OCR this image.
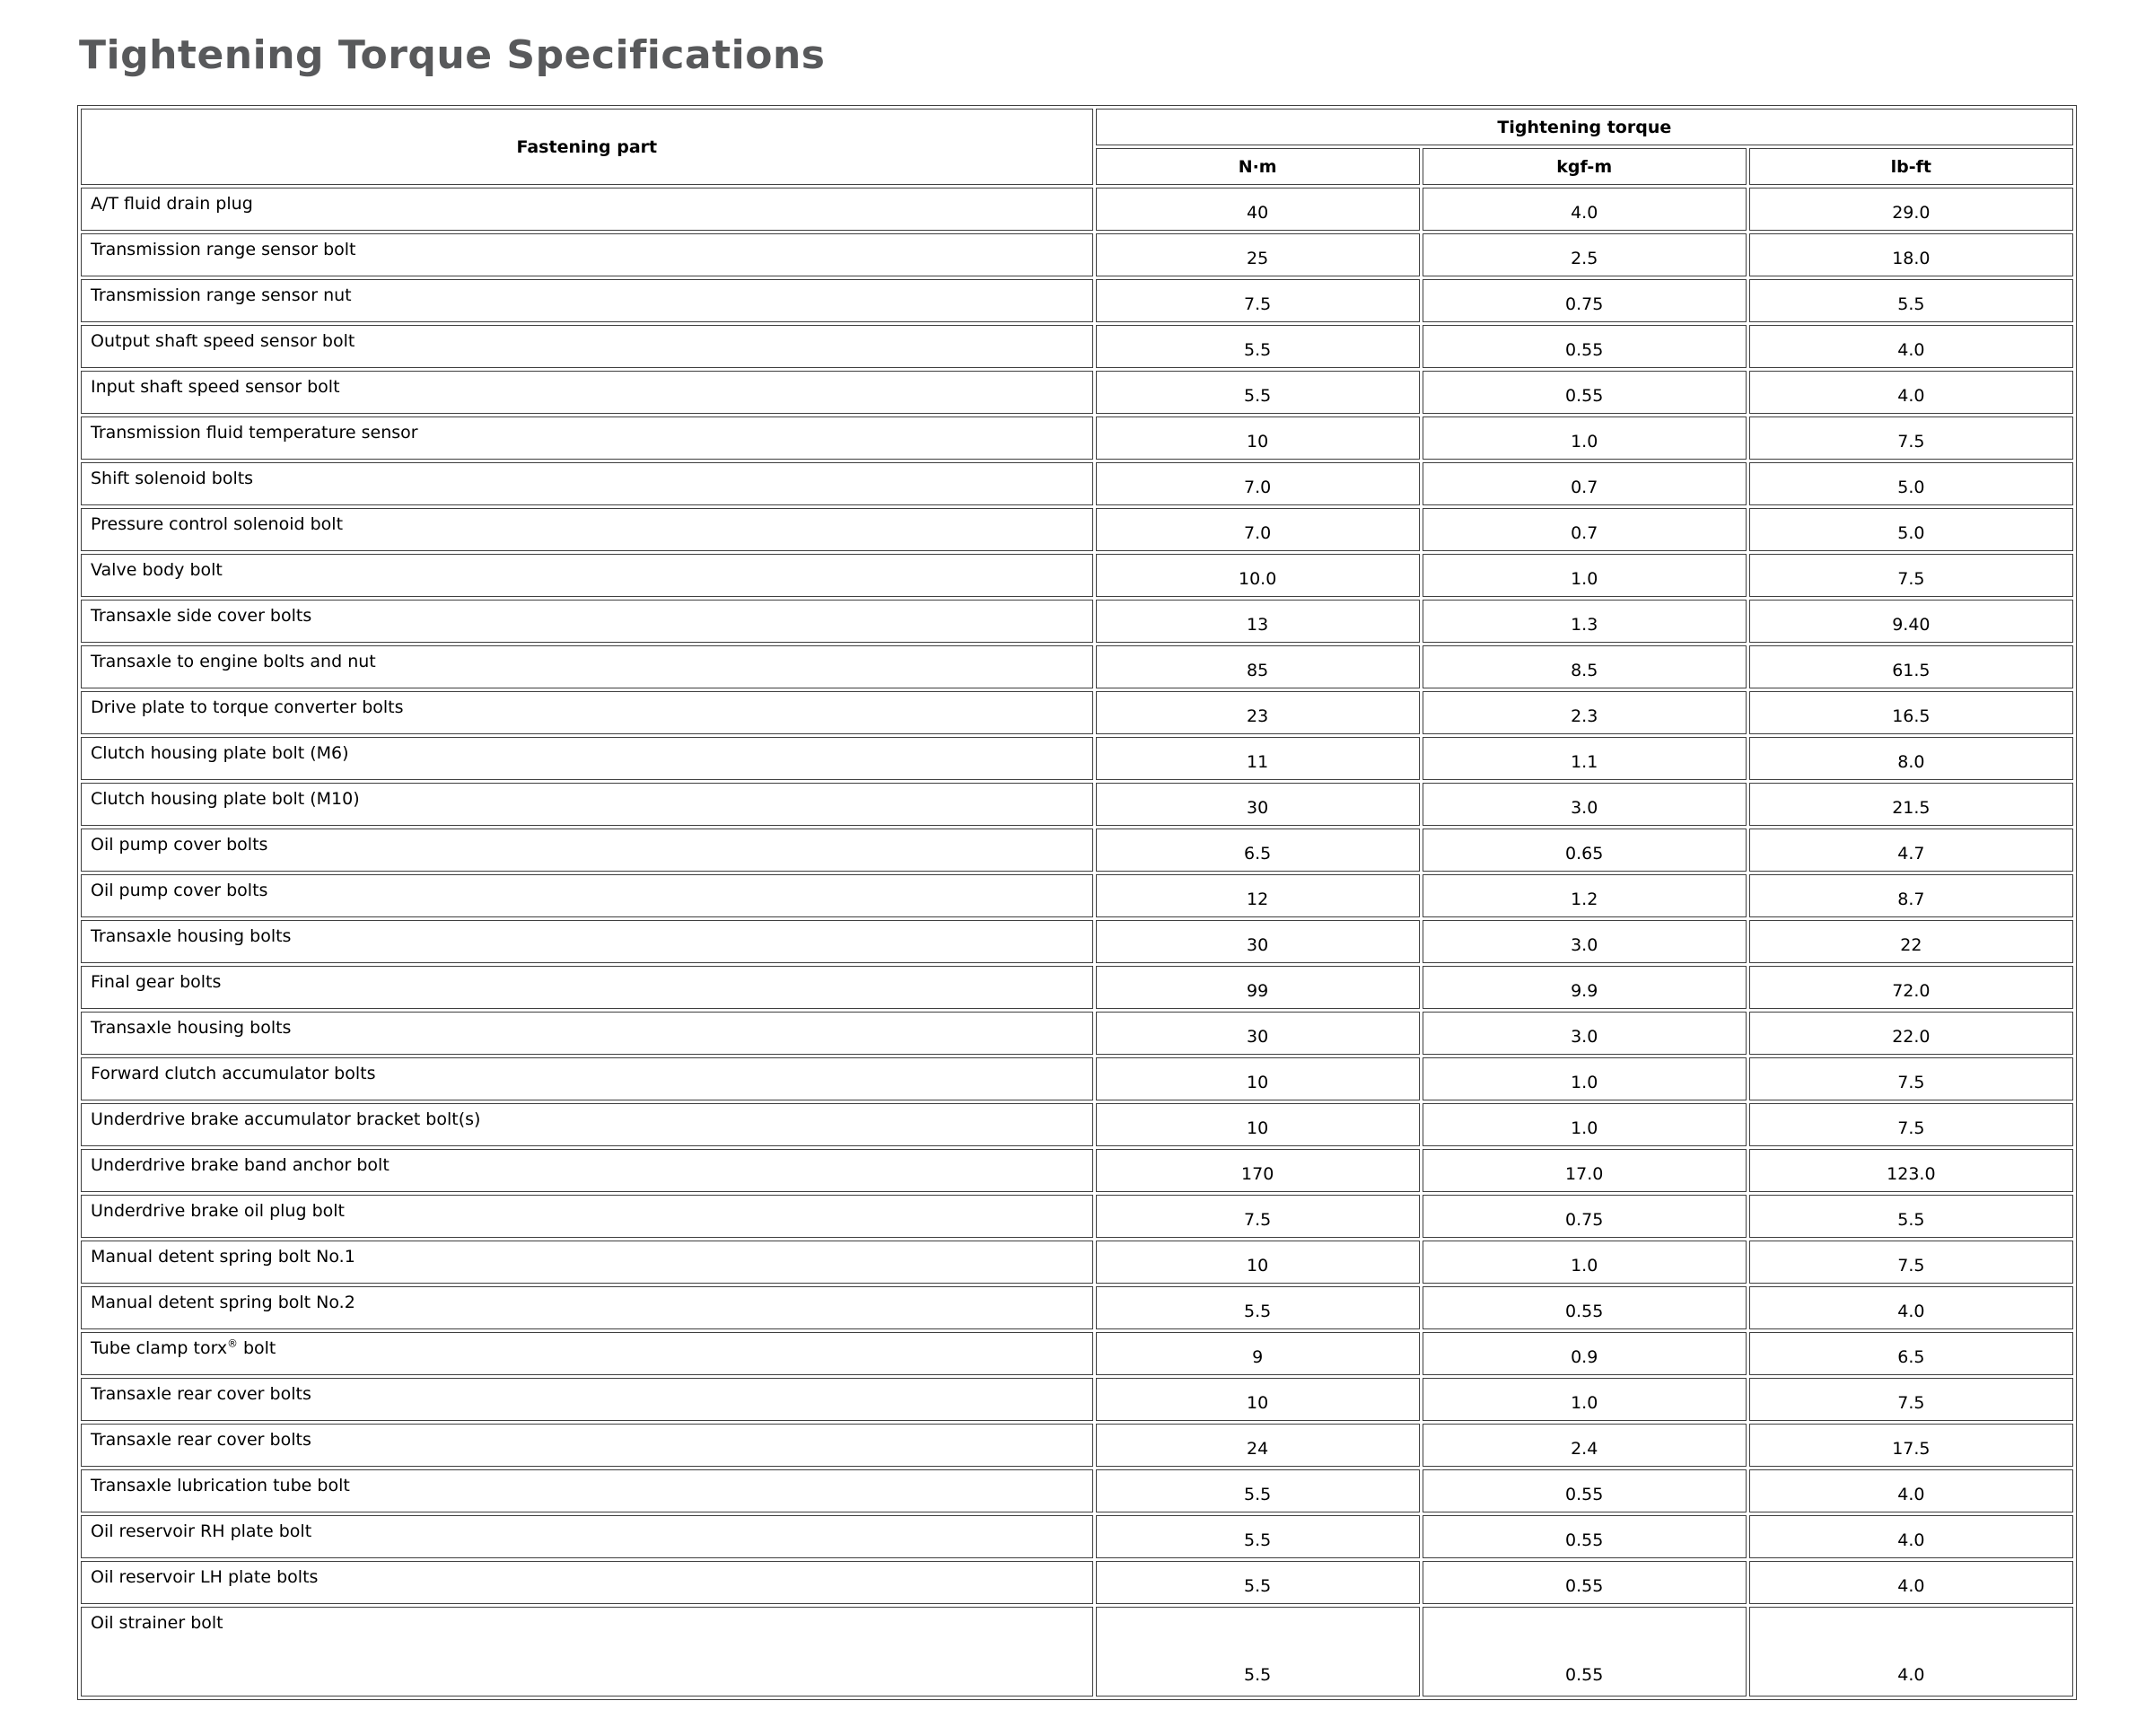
Tightening Torque Specifications
Fastening part	Tightening torque		
	N·m	kgf-m	lb-ft
A/T fluid drain plug	40	4.0	29.0
Transmission range sensor bolt	25	2.5	18.0
Transmission range sensor nut	7.5	0.75	5.5
Output shaft speed sensor bolt	5.5	0.55	4.0
Input shaft speed sensor bolt	5.5	0.55	4.0
Transmission fluid temperature sensor	10	1.0	7.5
Shift solenoid bolts	7.0	0.7	5.0
Pressure control solenoid bolt	7.0	0.7	5.0
Valve body bolt	10.0	1.0	7.5
Transaxle side cover bolts	13	1.3	9.40
Transaxle to engine bolts and nut	85	8.5	61.5
Drive plate to torque converter bolts	23	2.3	16.5
Clutch housing plate bolt (M6)	11	1.1	8.0
Clutch housing plate bolt (M10)	30	3.0	21.5
Oil pump cover bolts	6.5	0.65	4.7
Oil pump cover bolts	12	1.2	8.7
Transaxle housing bolts	30	3.0	22
Final gear bolts	99	9.9	72.0
Transaxle housing bolts	30	3.0	22.0
Forward clutch accumulator bolts	10	1.0	7.5
Underdrive brake accumulator bracket bolt(s)	10	1.0	7.5
Underdrive brake band anchor bolt	170	17.0	123.0
Underdrive brake oil plug bolt	7.5	0.75	5.5
Manual detent spring bolt No.1	10	1.0	7.5
Manual detent spring bolt No.2	5.5	0.55	4.0
Tube clamp torx® bolt	9	0.9	6.5
Transaxle rear cover bolts	10	1.0	7.5
Transaxle rear cover bolts	24	2.4	17.5
Transaxle lubrication tube bolt	5.5	0.55	4.0
Oil reservoir RH plate bolt	5.5	0.55	4.0
Oil reservoir LH plate bolts	5.5	0.55	4.0
Oil strainer bolt	5.5	0.55	4.0
